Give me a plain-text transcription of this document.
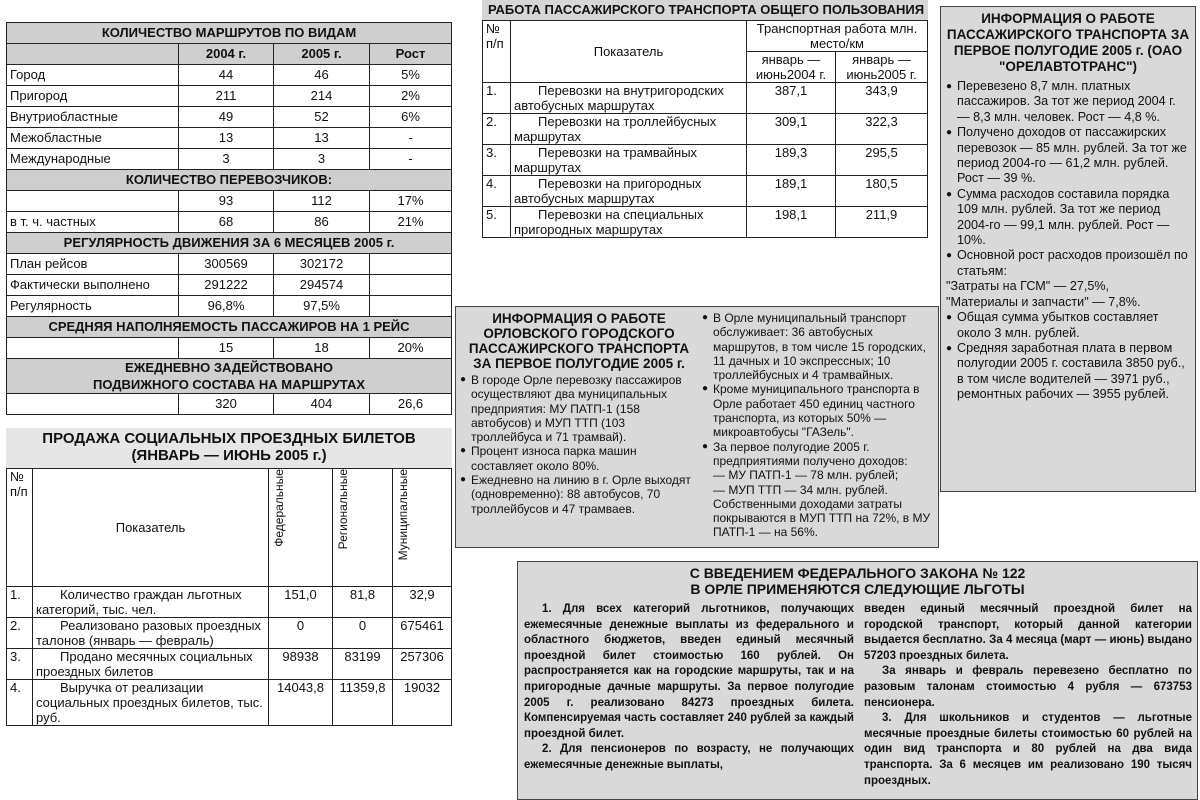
КОЛИЧЕСТВО МАРШРУТОВ ПО ВИДАМ			
	2004 г.	2005 г.	Рост
Город	44	46	5%
Пригород	211	214	2%
Внутриобластные	49	52	6%
Межобластные	13	13	-
Международные	3	3	-
КОЛИЧЕСТВО ПЕРЕВОЗЧИКОВ:			
	93	112	17%
в т. ч. частных	68	86	21%
РЕГУЛЯРНОСТЬ ДВИЖЕНИЯ ЗА 6 МЕСЯЦЕВ 2005 г.			
План рейсов	300569	302172	
Фактически выполнено	291222	294574	
Регулярность	96,8%	97,5%	
СРЕДНЯЯ НАПОЛНЯЕМОСТЬ ПАССАЖИРОВ НА 1 РЕЙС			
	15	18	20%
ЕЖЕДНЕВНО ЗАДЕЙСТВОВАНО
ПОДВИЖНОГО СОСТАВА НА МАРШРУТАХ			
	320	404	26,6
ПРОДАЖА СОЦИАЛЬНЫХ ПРОЕЗДНЫХ БИЛЕТОВ
(ЯНВАРЬ — ИЮНЬ 2005 г.)
№ п/п	Показатель	Федеральные	Региональные	Муниципальные

1.	Количество граждан льготных категорий, тыс. чел.	151,0	81,8	32,9
2.	Реализовано разовых проездных талонов (январь — февраль)	0	0	675461
3.	Продано месячных социальных проездных билетов	98938	83199	257306
4.	Выручка от реализации социальных проездных билетов, тыс. руб.	14043,8	11359,8	19032
РАБОТА ПАССАЖИРСКОГО ТРАНСПОРТА ОБЩЕГО ПОЛЬЗОВАНИЯ
№ п/п	Показатель	Транспортная работа млн. место/км	
		январь — июнь2004 г.	январь — июнь2005 г.
1.	Перевозки на внутригородских автобусных маршрутах	387,1	343,9
2.	Перевозки на троллейбусных маршрутах	309,1	322,3
3.	Перевозки на трамвайных маршрутах	189,3	295,5
4.	Перевозки на пригородных автобусных маршрутах	189,1	180,5
5.	Перевозки на специальных пригородных маршрутах	198,1	211,9
ИНФОРМАЦИЯ О РАБОТЕ ОРЛОВСКОГО ГОРОДСКОГО ПАССАЖИРСКОГО ТРАНСПОРТА ЗА ПЕРВОЕ ПОЛУГОДИЕ 2005 г.
● В городе Орле перевозку пассажиров осуществляют два муниципальных предприятия: МУ ПАТП-1 (158 автобусов) и МУП ТТП (103 троллейбуса и 71 трамвай).
● Процент износа парка машин составляет около 80%.
● Ежедневно на линию в г. Орле выходят (одновременно): 88 автобусов, 70 троллейбусов и 47 трамваев.
● В Орле муниципальный транспорт обслуживает: 36 автобусных маршрутов, в том числе 15 городских, 11 дачных и 10 экспрессных; 10 троллейбусных и 4 трамвайных.
● Кроме муниципального транспорта в Орле работает 450 единиц частного транспорта, из которых 50% — микроавтобусы "ГАЗель".
● За первое полугодие 2005 г. предприятиями получено доходов:

— МУ ПАТП-1 — 78 млн. рублей;

— МУП ТТП — 34 млн. рублей.

Собственными доходами затраты покрываются в МУП ТТП на 72%, в МУ ПАТП-1 — на 56%.

ИНФОРМАЦИЯ О РАБОТЕ ПАССАЖИРСКОГО ТРАНСПОРТА ЗА ПЕРВОЕ ПОЛУГОДИЕ 2005 г. (ОАО "ОРЕЛАВТОТРАНС")
● Перевезено 8,7 млн. платных пассажиров. За тот же период 2004 г. — 8,3 млн. человек. Рост — 4,8 %.
● Получено доходов от пассажирских перевозок — 85 млн. рублей. За тот же период 2004-го — 61,2 млн. рублей. Рост — 39 %.
● Сумма расходов составила порядка 109 млн. рублей. За тот же период 2004-го — 99,1 млн. рублей. Рост — 10%.
● Основной рост расходов произошёл по статьям:

"Затраты на ГСМ" — 27,5%,

"Материалы и запчасти" — 7,8%.

● Общая сумма убытков составляет около 3 млн. рублей.
● Средняя заработная плата в первом полугодии 2005 г. составила 3850 руб., в том числе водителей — 3971 руб., ремонтных рабочих — 3955 рублей.
С ВВЕДЕНИЕМ ФЕДЕРАЛЬНОГО ЗАКОНА № 122
В ОРЛЕ ПРИМЕНЯЮТСЯ СЛЕДУЮЩИЕ ЛЬГОТЫ

1. Для всех категорий льготников, получающих ежемесячные денежные выплаты из федерального и областного бюджетов, введен единый месячный проездной билет стоимостью 160 рублей. Он распространяется как на городские маршруты, так и на пригородные дачные маршруты. За первое полугодие 2005 г. реализовано 84273 проездных билета. Компенсируемая часть составляет 240 рублей за каждый проездной билет.

2. Для пенсионеров по возрасту, не получающих ежемесячные денежные выплаты,

введен единый месячный проездной билет на городской транспорт, который данной категории выдается бесплатно. За 4 месяца (март — июнь) выдано 57203 проездных билета.

За январь и февраль перевезено бесплатно по разовым талонам стоимостью 4 рубля — 673753 пенсионера.

3. Для школьников и студентов — льготные месячные проездные билеты стоимостью 60 рублей на один вид транспорта и 80 рублей на два вида транспорта. За 6 месяцев им реализовано 190 тысяч проездных.
